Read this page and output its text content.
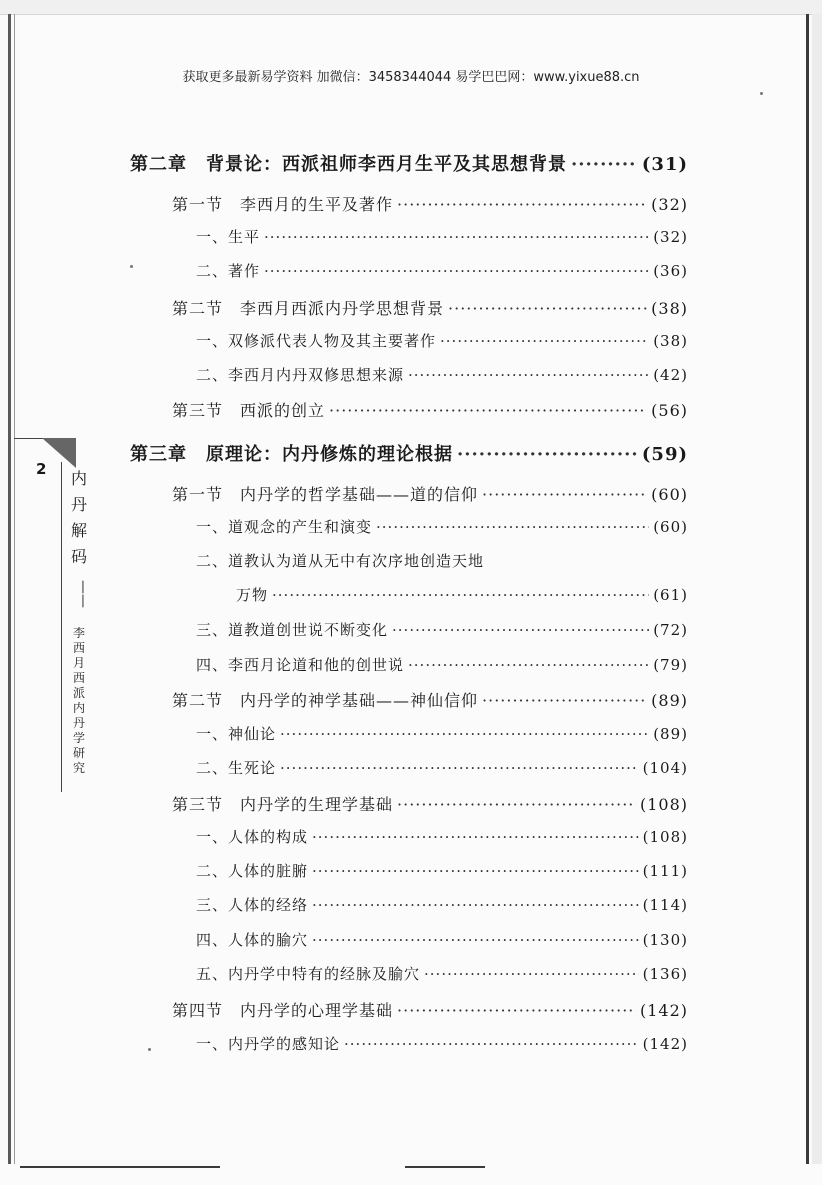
获取更多最新易学资料 加微信：3458344044 易学巴巴网：www.yixue88.cn
2 内丹解码
——
李西月西派内丹学研究
第二章　背景论：西派祖师李西月生平及其思想背景 ·····	(31)
第一节　李西月的生平及著作 ·····	(32)
一、生平 ·····	(32)
二、著作 ·····	(36)
第二节　李西月西派内丹学思想背景 ·····	(38)
一、双修派代表人物及其主要著作 ·····	(38)
二、李西月内丹双修思想来源 ·····	(42)
第三节　西派的创立 ·····	(56)
第三章　原理论：内丹修炼的理论根据 ·····	(59)
第一节　内丹学的哲学基础——道的信仰 ·····	(60)
一、道观念的产生和演变 ·····	(60)
二、道教认为道从无中有次序地创造天地
万物 ·····	(61)
三、道教道创世说不断变化 ·····	(72)
四、李西月论道和他的创世说 ·····	(79)
第二节　内丹学的神学基础——神仙信仰 ·····	(89)
一、神仙论 ·····	(89)
二、生死论 ·····	(104)
第三节　内丹学的生理学基础 ·····	(108)
一、人体的构成 ·····	(108)
二、人体的脏腑 ·····	(111)
三、人体的经络 ·····	(114)
四、人体的腧穴 ·····	(130)
五、内丹学中特有的经脉及腧穴 ·····	(136)
第四节　内丹学的心理学基础 ·····	(142)
一、内丹学的感知论 ·····	(142)
